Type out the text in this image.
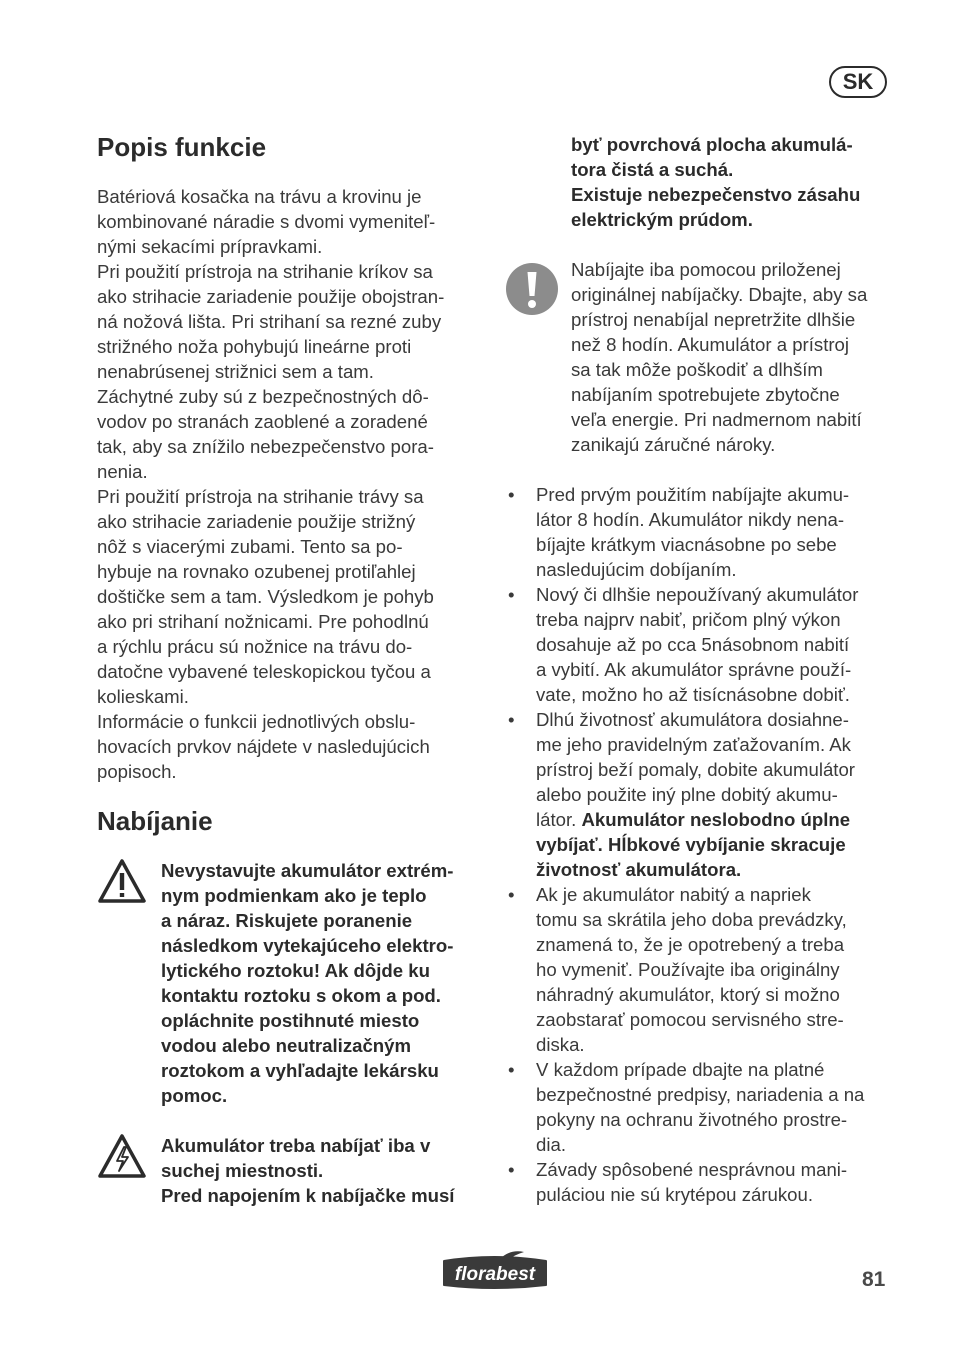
SK
Popis funkcie

Batériová kosačka na trávu a krovinu je
kombinované náradie s dvomi vymeniteľ-
nými sekacími prípravkami.
Pri použití prístroja na strihanie kríkov sa
ako strihacie zariadenie použije obojstran-
ná nožová lišta. Pri strihaní sa rezné zuby
strižného noža pohybujú lineárne proti
nenabrúsenej strižnici sem a tam.
Záchytné zuby sú z bezpečnostných dô-
vodov po stranách zaoblené a zoradené
tak, aby sa znížilo nebezpečenstvo pora-
nenia.
Pri použití prístroja na strihanie trávy sa
ako strihacie zariadenie použije strižný
nôž s viacerými zubami. Tento sa po-
hybuje na rovnako ozubenej protiľahlej
doštičke sem a tam. Výsledkom je pohyb
ako pri strihaní nožnicami. Pre pohodlnú
a rýchlu prácu sú nožnice na trávu do-
datočne vybavené teleskopickou tyčou a
kolieskami.
Informácie o funkcii jednotlivých obslu-
hovacích prvkov nájdete v nasledujúcich
popisoch.

Nabíjanie

Nevystavujte akumulátor extrém-
nym podmienkam ako je teplo
a náraz. Riskujete poranenie
následkom vytekajúceho elektro-
lytického roztoku! Ak dôjde ku
kontaktu roztoku s okom a pod.
opláchnite postihnuté miesto
vodou alebo neutralizačným
roztokom a vyhľadajte lekársku
pomoc.

Akumulátor treba nabíjať iba v
suchej miestnosti.
Pred napojením k nabíjačke musí

byť povrchová plocha akumulá-
tora čistá a suchá.
Existuje nebezpečenstvo zásahu
elektrickým prúdom.

Nabíjajte iba pomocou priloženej
originálnej nabíjačky. Dbajte, aby sa
prístroj nenabíjal nepretržite dlhšie
než 8 hodín. Akumulátor a prístroj
sa tak môže poškodiť a dlhším
nabíjaním spotrebujete zbytočne
veľa energie. Pri nadmernom nabití
zanikajú záručné nároky.

• Pred prvým použitím nabíjajte akumu-
látor 8 hodín. Akumulátor nikdy nena-
bíjajte krátkym viacnásobne po sebe
nasledujúcim dobíjaním.
• Nový či dlhšie nepoužívaný akumulátor
treba najprv nabiť, pričom plný výkon
dosahuje až po cca 5násobnom nabití
a vybití. Ak akumulátor správne použí-
vate, možno ho až tisícnásobne dobiť.
• Dlhú životnosť akumulátora dosiahne-
me jeho pravidelným zaťažovaním. Ak
prístroj beží pomaly, dobite akumulátor
alebo použite iný plne dobitý akumu-
látor. Akumulátor neslobodno úplne
vybíjať. Hĺbkové vybíjanie skracuje
životnosť akumulátora.
• Ak je akumulátor nabitý a napriek
tomu sa skrátila jeho doba prevádzky,
znamená to, že je opotrebený a treba
ho vymeniť. Používajte iba originálny
náhradný akumulátor, ktorý si možno
zaobstarať pomocou servisného stre-
diska.
• V každom prípade dbajte na platné
bezpečnostné predpisy, nariadenia a na
pokyny na ochranu životného prostre-
dia.
• Závady spôsobené nesprávnou mani-
puláciou nie sú krytépou zárukou.
florabest	81
